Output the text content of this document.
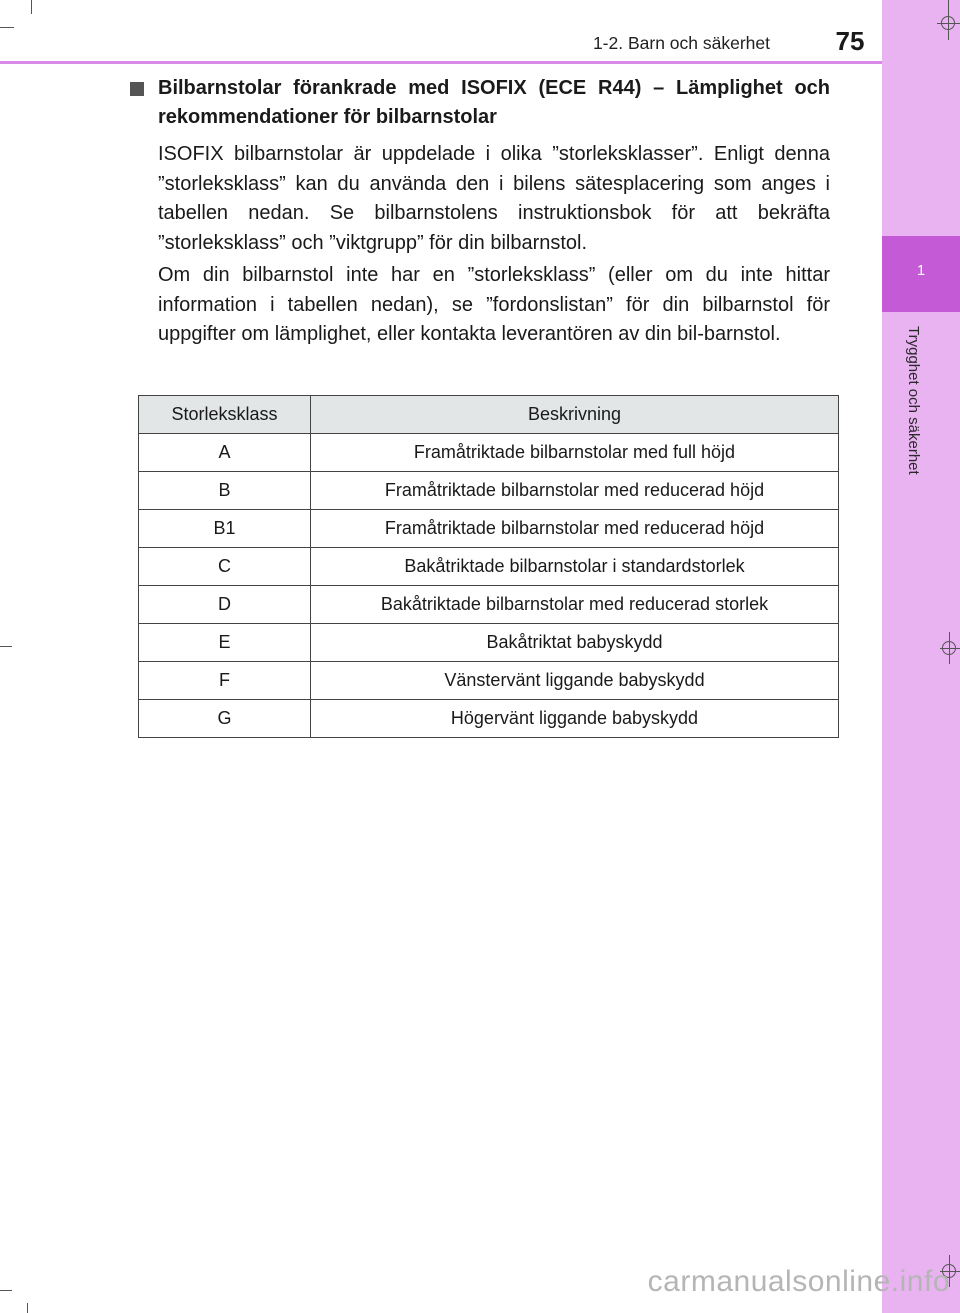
1
Trygghet och säkerhet
1-2. Barn och säkerhet	75
Bilbarnstolar förankrade med ISOFIX (ECE R44) – Lämplighet och rekommendationer för bilbarnstolar
ISOFIX bilbarnstolar är uppdelade i olika ”storleksklasser”. Enligt denna ”storleksklass” kan du använda den i bilens sätesplacering som anges i tabellen nedan. Se bilbarnstolens instruktionsbok för att bekräfta ”storleksklass” och ”viktgrupp” för din bilbarnstol.
Om din bilbarnstol inte har en ”storleksklass” (eller om du inte hittar information i tabellen nedan), se ”fordonslistan” för din bilbarnstol för uppgifter om lämplighet, eller kontakta leverantören av din bil-barnstol.
Storleksklass	Beskrivning
A	Framåtriktade bilbarnstolar med full höjd
B	Framåtriktade bilbarnstolar med reducerad höjd
B1	Framåtriktade bilbarnstolar med reducerad höjd
C	Bakåtriktade bilbarnstolar i standardstorlek
D	Bakåtriktade bilbarnstolar med reducerad storlek
E	Bakåtriktat babyskydd
F	Vänstervänt liggande babyskydd
G	Högervänt liggande babyskydd
carmanualsonline.info
